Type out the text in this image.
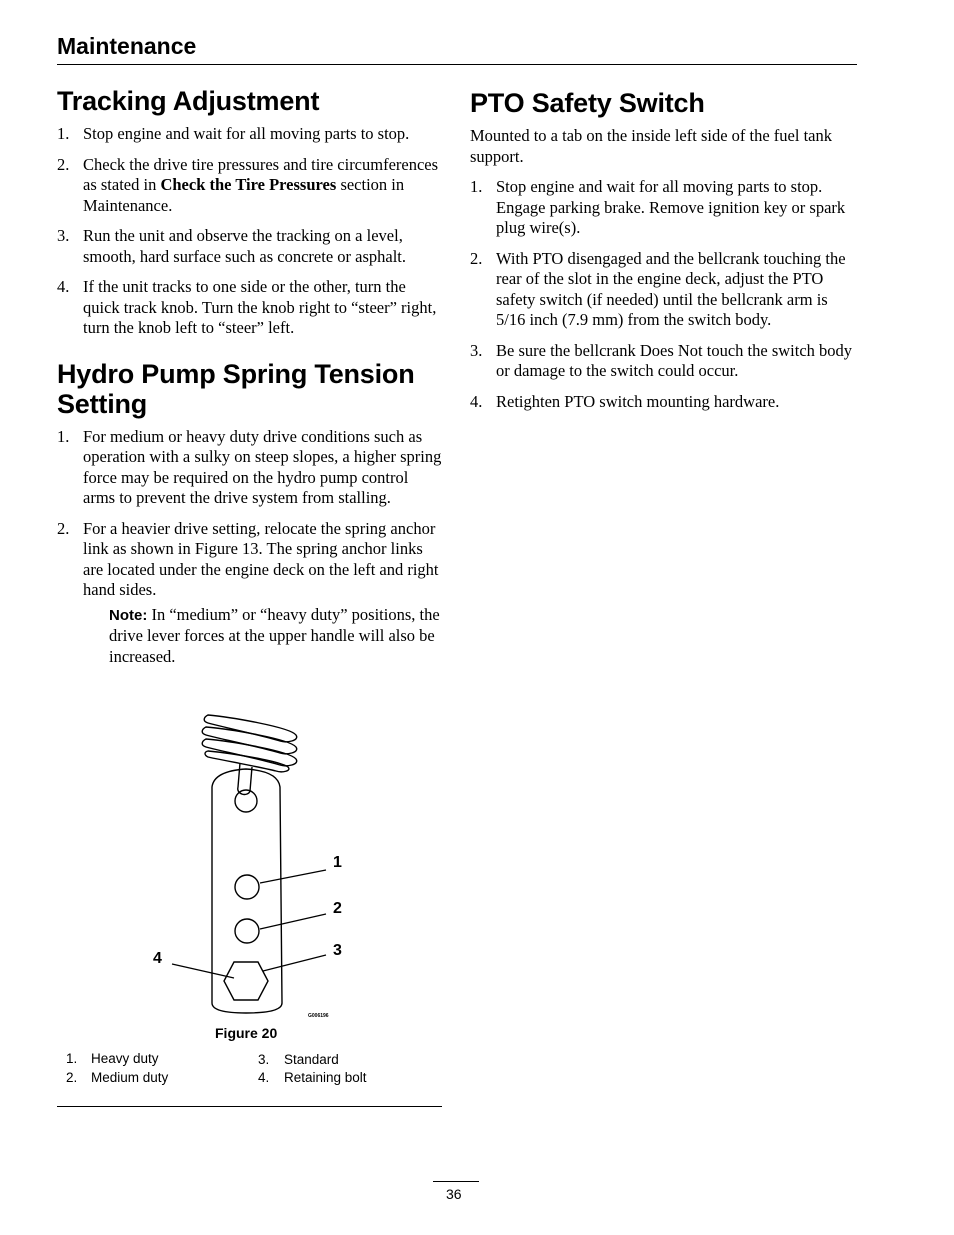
Maintenance
Tracking Adjustment
1. Stop engine and wait for all moving parts to stop.
2. Check the drive tire pressures and tire circumferences as stated in Check the Tire Pressures section in Maintenance.
3. Run the unit and observe the tracking on a level, smooth, hard surface such as concrete or asphalt.
4. If the unit tracks to one side or the other, turn the quick track knob. Turn the knob right to “steer” right, turn the knob left to “steer” left.
Hydro Pump Spring Tension Setting
1. For medium or heavy duty drive conditions such as operation with a sulky on steep slopes, a higher spring force may be required on the hydro pump control arms to prevent the drive system from stalling.
2. For a heavier drive setting, relocate the spring anchor link as shown in Figure 13. The spring anchor links are located under the engine deck on the left and right hand sides.
Note: In “medium” or “heavy duty” positions, the drive lever forces at the upper handle will also be increased.
1
2
3
4
G006196
Figure 20
1. Heavy duty
2. Medium duty
3. Standard
4. Retaining bolt
PTO Safety Switch

Mounted to a tab on the inside left side of the fuel tank support.

1. Stop engine and wait for all moving parts to stop. Engage parking brake. Remove ignition key or spark plug wire(s).
2. With PTO disengaged and the bellcrank touching the rear of the slot in the engine deck, adjust the PTO safety switch (if needed) until the bellcrank arm is 5/16 inch (7.9 mm) from the switch body.
3. Be sure the bellcrank Does Not touch the switch body or damage to the switch could occur.
4. Retighten PTO switch mounting hardware.
36
